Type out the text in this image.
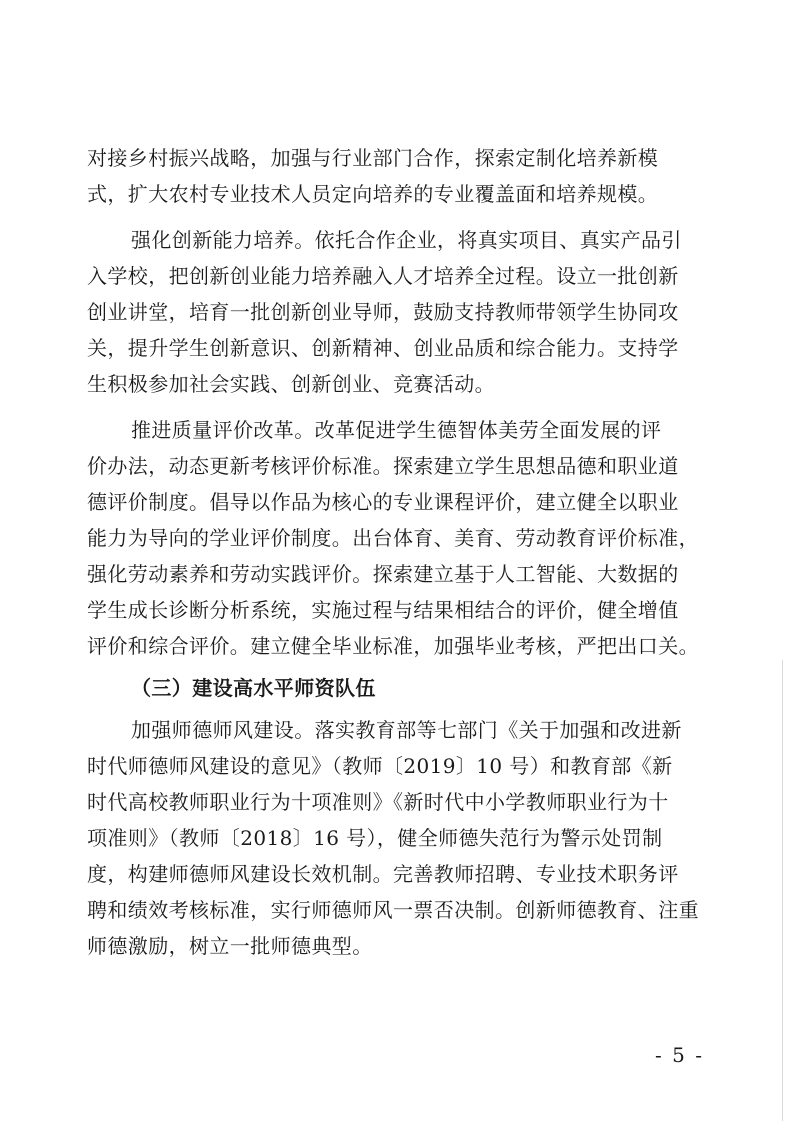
对接乡村振兴战略，加强与行业部门合作，探索定制化培养新模
式，扩大农村专业技术人员定向培养的专业覆盖面和培养规模。
强化创新能力培养。依托合作企业，将真实项目、真实产品引
入学校，把创新创业能力培养融入人才培养全过程。设立一批创新
创业讲堂，培育一批创新创业导师，鼓励支持教师带领学生协同攻
关，提升学生创新意识、创新精神、创业品质和综合能力。支持学
生积极参加社会实践、创新创业、竞赛活动。
推进质量评价改革。改革促进学生德智体美劳全面发展的评
价办法，动态更新考核评价标准。探索建立学生思想品德和职业道
德评价制度。倡导以作品为核心的专业课程评价，建立健全以职业
能力为导向的学业评价制度。出台体育、美育、劳动教育评价标准，
强化劳动素养和劳动实践评价。探索建立基于人工智能、大数据的
学生成长诊断分析系统，实施过程与结果相结合的评价，健全增值
评价和综合评价。建立健全毕业标准，加强毕业考核，严把出口关。
（三）建设高水平师资队伍
加强师德师风建设。落实教育部等七部门《关于加强和改进新
时代师德师风建设的意见》（教师〔2019〕10 号）和教育部《新
时代高校教师职业行为十项准则》《新时代中小学教师职业行为十
项准则》（教师〔2018〕16 号），健全师德失范行为警示处罚制
度，构建师德师风建设长效机制。完善教师招聘、专业技术职务评
聘和绩效考核标准，实行师德师风一票否决制。创新师德教育、注重
师德激励，树立一批师德典型。
- 5 -
